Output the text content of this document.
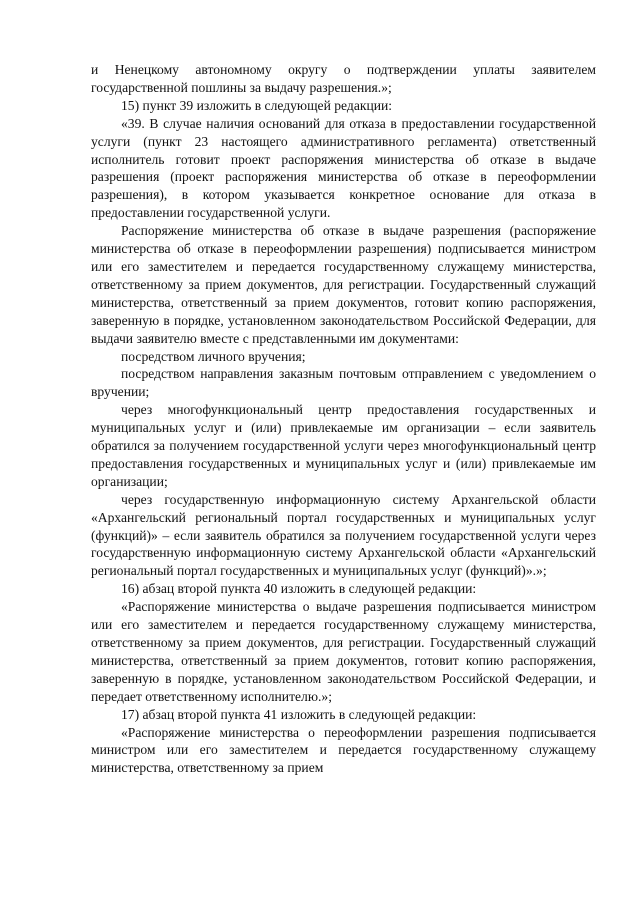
и Ненецкому автономному округу о подтверждении уплаты заявителем государственной пошлины за выдачу разрешения.»;

15) пункт 39 изложить в следующей редакции:

«39. В случае наличия оснований для отказа в предоставлении государственной услуги (пункт 23 настоящего административного регламента) ответственный исполнитель готовит проект распоряжения министерства об отказе в выдаче разрешения (проект распоряжения министерства об отказе в переоформлении разрешения), в котором указывается конкретное основание для отказа в предоставлении государственной услуги.

Распоряжение министерства об отказе в выдаче разрешения (распоряжение министерства об отказе в переоформлении разрешения) подписывается министром или его заместителем и передается государственному служащему министерства, ответственному за прием документов, для регистрации. Государственный служащий министерства, ответственный за прием документов, готовит копию распоряжения, заверенную в порядке, установленном законодательством Российской Федерации, для выдачи заявителю вместе с представленными им документами:

посредством личного вручения;

посредством направления заказным почтовым отправлением с уведомлением о вручении;

через многофункциональный центр предоставления государственных и муниципальных услуг и (или) привлекаемые им организации – если заявитель обратился за получением государственной услуги через многофункциональный центр предоставления государственных и муниципальных услуг и (или) привлекаемые им организации;

через государственную информационную систему Архангельской области «Архангельский региональный портал государственных и муниципальных услуг (функций)» – если заявитель обратился за получением государственной услуги через государственную информационную систему Архангельской области «Архангельский региональный портал государственных и муниципальных услуг (функций)».»;

16) абзац второй пункта 40 изложить в следующей редакции:

«Распоряжение министерства о выдаче разрешения подписывается министром или его заместителем и передается государственному служащему министерства, ответственному за прием документов, для регистрации. Государственный служащий министерства, ответственный за прием документов, готовит копию распоряжения, заверенную в порядке, установленном законодательством Российской Федерации, и передает ответственному исполнителю.»;

17) абзац второй пункта 41 изложить в следующей редакции:

«Распоряжение министерства о переоформлении разрешения подписывается министром или его заместителем и передается государственному служащему министерства, ответственному за прием
